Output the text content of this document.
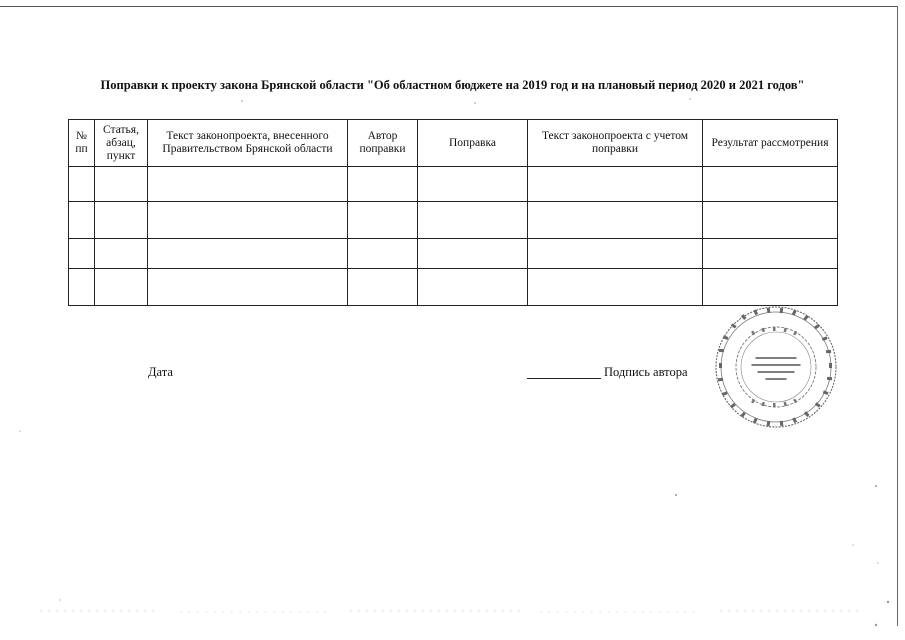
Поправки к проекту закона Брянской области "Об областном бюджете на 2019 год и на плановый период 2020 и 2021 годов"
№ пп	Статья, абзац, пункт	Текст законопроекта, внесенного Правительством Брянской области	Автор поправки	Поправка	Текст законопроекта с учетом поправки	Результат рассмотрения

Дата	Подпись автора
